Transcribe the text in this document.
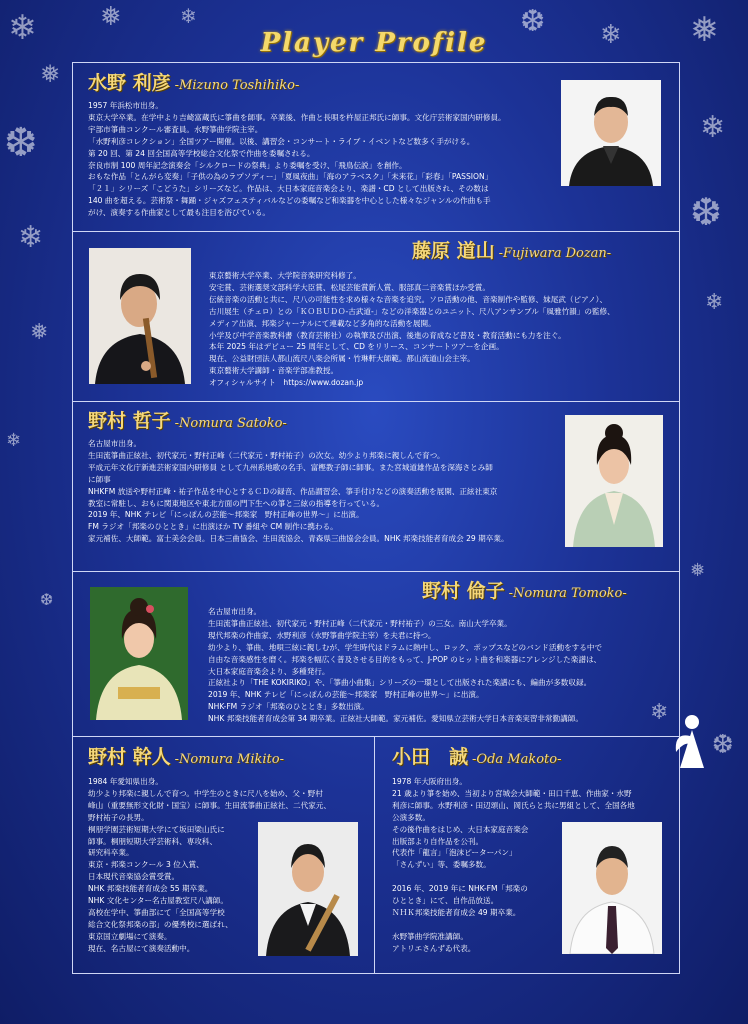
❄
❅
❆
❄
❅
❄
❆
❅	❄	❆ ❄ ❅
❄
❆
❄
❅
❄
❆
Player Profile
水野 利彦 -Mizuno Toshihiko-
1957 年浜松市出身。
東京大学卒業。在学中より吉崎富蔵氏に箏曲を師事。卒業後、作曲と長唄を杵屋正邦氏に師事。文化庁芸術家国内研修員。
宇部市箏曲コンクール審査員。水野箏曲学院主宰。
「水野利彦コレクション」全国ツアー開催。以後、講習会・コンサート・ライブ・イベントなど数多く手がける。
第 20 回、第 24 回全国高等学校総合文化祭で作曲を委嘱される。
奈良市制 100 周年記念演奏会「シルクロードの祭典」より委嘱を受け、「飛鳥伝説」を創作。
おもな作品「とんがら変奏」「子供の為のラプソディー」「夏風夜曲」「海のアラベスク」「未来花」「彩春」「PASSION」
「２１」シリーズ「こどうた」シリーズなど。作品は、大日本家庭音楽会より、楽譜・CD として出版され、その数は
140 曲を超える。芸術祭・舞踊・ジャズフェスティバルなどの委嘱など和楽器を中心とした様々なジャンルの作曲も手
がけ、演奏する作曲家として最も注目を浴びている。
藤原 道山 -Fujiwara Dozan-
東京藝術大学卒業、大学院音楽研究科修了。
安宅賞、芸術選奨文部科学大臣賞、松尾芸能賞新人賞、服部真二音楽賞ほか受賞。
伝統音楽の活動と共に、尺八の可能性を求め様々な音楽を追究。ソロ活動の他、音楽制作や監修、妹尾武（ピアノ）、
古川展生（チェロ）との「ＫＯＢＵＤＯ-古武道-」などの洋楽器とのユニット、尺八アンサンブル「風雅竹韻」の監修、
メディア出演、邦楽ジャーナルにて連載など多角的な活動を展開。
小学及び中学音楽教科書（教育芸術社）の執筆及び出演、後進の育成など普及・教育活動にも力を注ぐ。
本年 2025 年はデビュー 25 周年として、CD をリリース、コンサートツアーを企画。
現在、公益財団法人都山流尺八楽会所属・竹琳軒大師範。都山流道山会主宰。
東京藝術大学講師・音楽学部准教授。
オフィシャルサイト　https://www.dozan.jp
野村 哲子 -Nomura Satoko-
名古屋市出身。
生田流箏曲正絃社、初代家元・野村正峰（二代家元・野村祐子）の次女。幼少より邦楽に親しんで育つ。
平成元年文化庁新進芸術家国内研修員 として九州系地歌の名手、富樫教子師に師事。また宮城道雄作品を深海さとみ師
に師事
NHKFM 放送や野村正峰・祐子作品を中心とするＣＤの録音、作品謂習会、箏手付けなどの演奏活動を展開、正絃社東京
教室に常駐し、おもに関東地区や東北方面の門下生への箏と三絃の指導を行っている。
2019 年、NHK テレビ「にっぽんの芸能〜邦楽家　野村正峰の世界〜」に出演。
FM ラジオ「邦楽のひととき」に出演ほか TV 番組や CM 制作に携わる。
家元補佐、大師範。富士美会会員。日本三曲協会、生田流協会、青森県三曲協会会員。NHK 邦楽技能者育成会 29 期卒業。
野村 倫子 -Nomura Tomoko-
名古屋市出身。
生田流箏曲正絃社、初代家元・野村正峰（二代家元・野村祐子）の三女。南山大学卒業。
現代邦楽の作曲家、水野利彦（水野箏曲学院主宰）を夫君に持つ。
幼少より、箏曲、地唄三絃に親しむが、学生時代はドラムに熱中し、ロック、ポップスなどのバンド活動をする中で
自由な音楽感性を磨く。邦楽を幅広く普及させる目的をもって、J-POP のヒット曲を和楽器にアレンジした楽譜は、
大日本家庭音楽会より、多種発行。
正絃社より「THE KOKIRIKO」や、「箏曲小曲集」シリーズの一環として出版された楽譜にも、編曲が多数収録。
2019 年、NHK テレビ「にっぽんの芸能〜邦楽家　野村正峰の世界〜」に出演。
NHK-FM ラジオ「邦楽のひととき」多数出演。
NHK 邦楽技能者育成会第 34 期卒業。正絃社大師範。家元補佐。愛知県立芸術大学日本音楽実習非常勤講師。
野村 幹人 -Nomura Mikito-
1984 年愛知県出身。
幼少より邦楽に親しんで育つ。中学生のときに尺八を始め、父・野村
峰山（重要無形文化財・国宝）に師事。生田流箏曲正絃社、二代家元、
野村祐子の長男。
桐朋学園芸術短期大学にて坂田梁山氏に
師事。桐朋短期大学芸術科、専攻科、
研究科卒業。
東京・邦楽コンクール 3 位入賞、
日本現代音楽協会賞受賞。
NHK 邦楽技能者育成会 55 期卒業。
NHK 文化センター名古屋教室尺八講師。
高校在学中、箏曲部にて「全国高等学校
総合文化祭邦楽の部」の優秀校に選ばれ、
東京国立劇場にて演奏。
現在、名古屋にて演奏活動中。
小田　誠 -Oda Makoto-
1978 年大阪府出身。
21 歳より箏を始め、当初より宮城会大師範・田口千恵、作曲家・水野
利彦に師事。水野利彦・田辺頌山、岡氏らと共に男組として、全国各地
公演多数。
その後作曲をはじめ、大日本家庭音楽会
出版部より自作品を公刊。
代表作「龍言」「泡沫ピーターパン」
「さんずい」等、委嘱多数。
2016 年、2019 年に NHK-FM「邦楽の
ひととき」にて、自作品放送。
ＮＨＫ邦楽技能者育成会 49 期卒業。
水野箏曲学院准講師。
アトリエさんずゐ代表。
